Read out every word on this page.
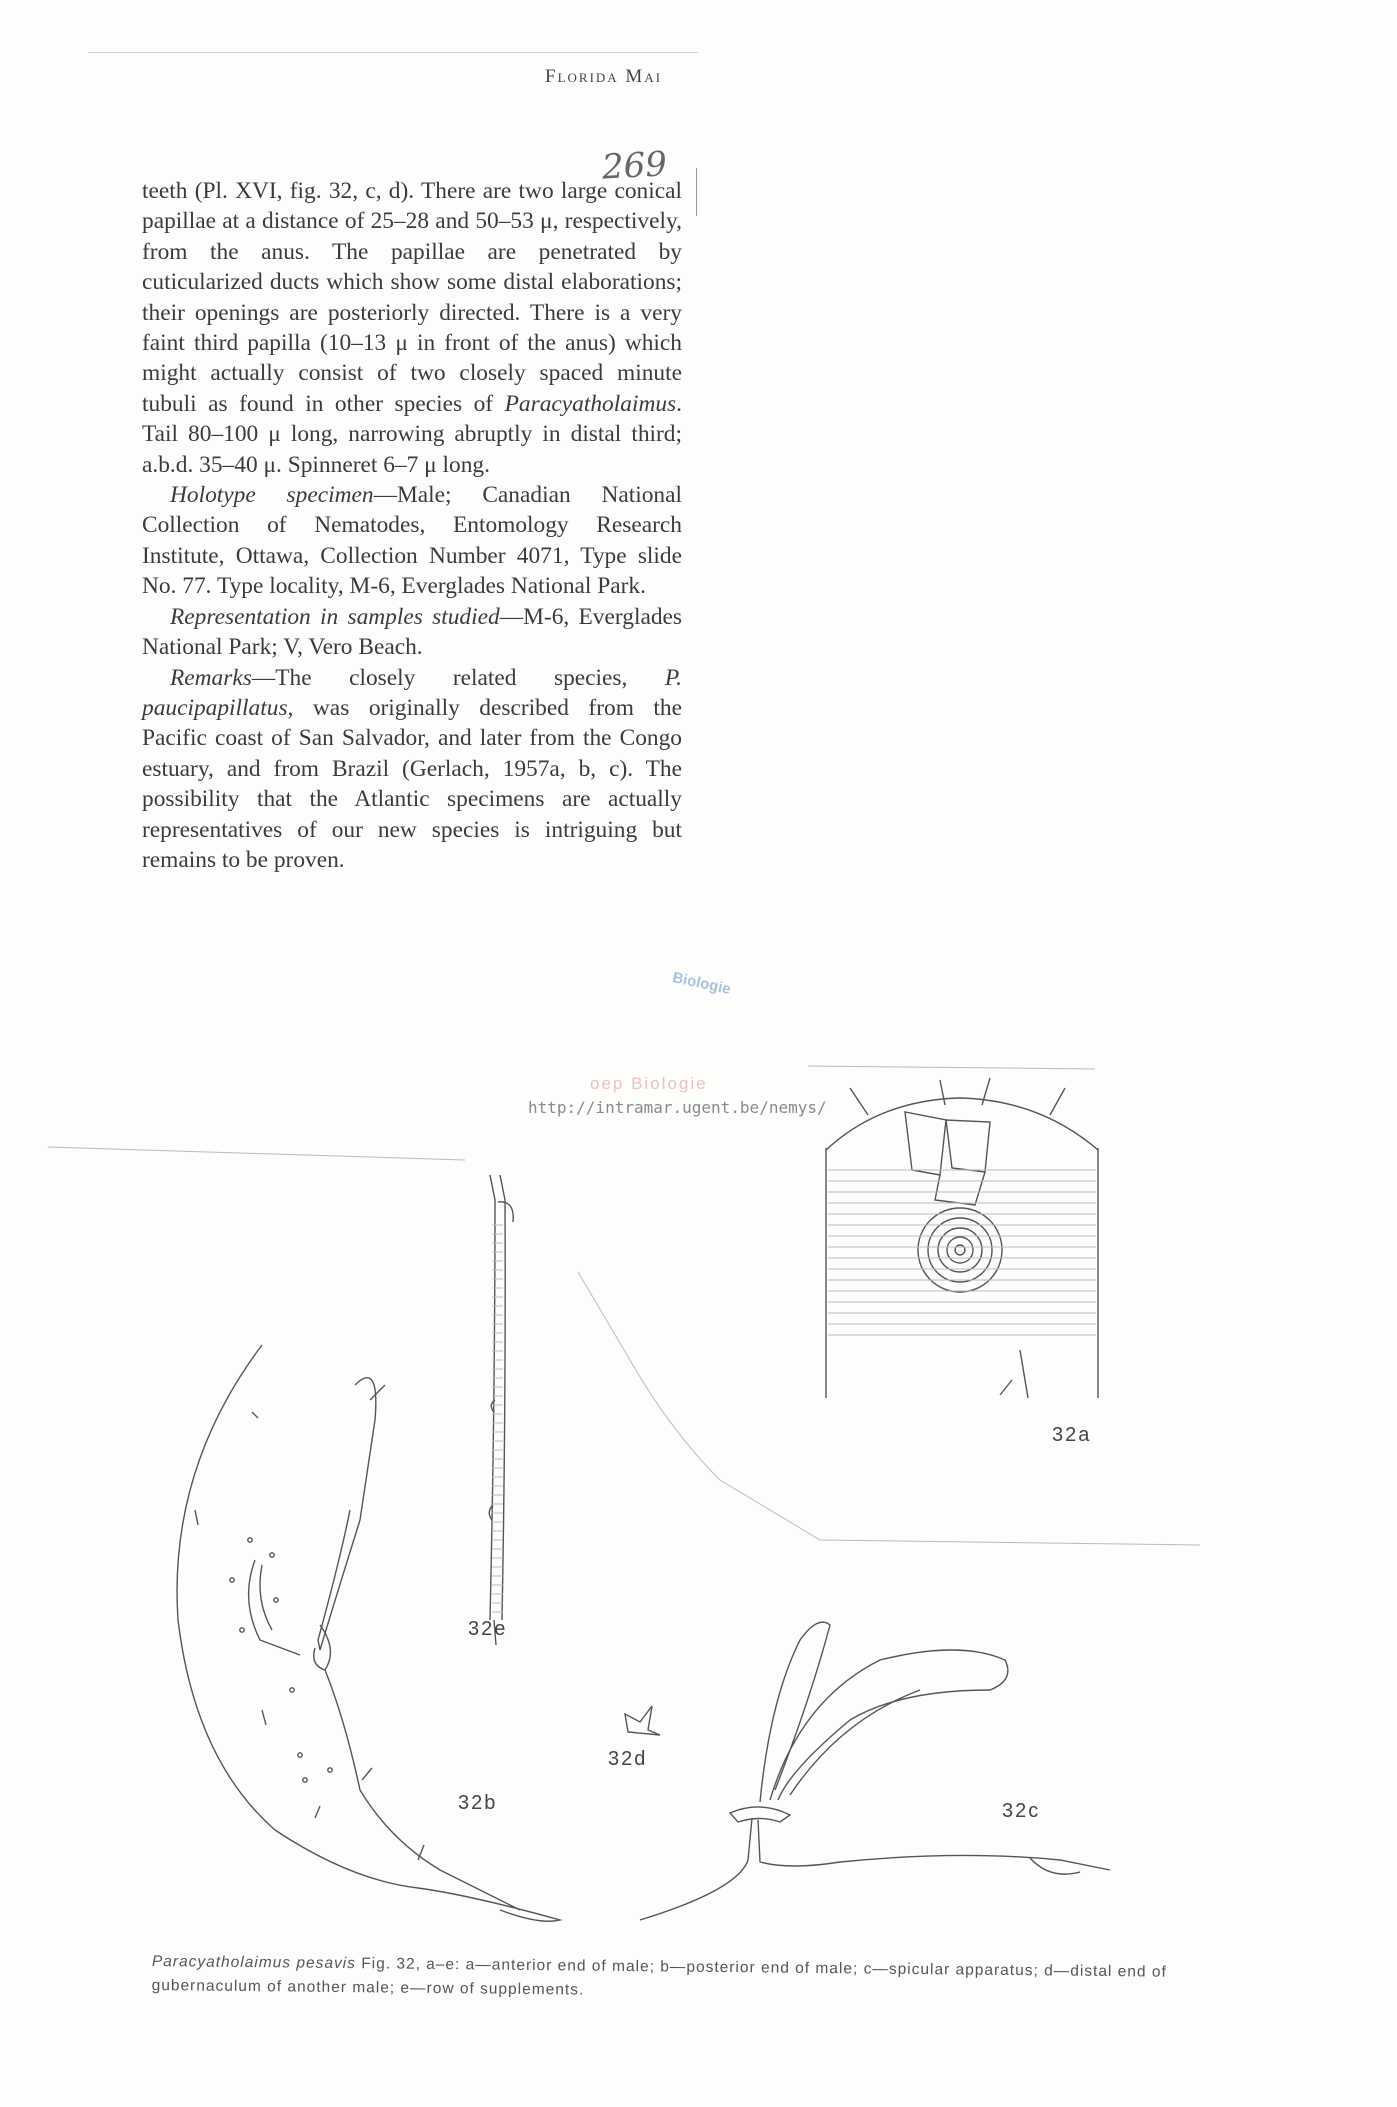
Florida Maı
269

teeth (Pl. XVI, fig. 32, c, d). There are two large conical papillae at a distance of 25–28 and 50–53 μ, respectively, from the anus. The papillae are penetrated by cuticularized ducts which show some distal elaborations; their openings are posteriorly directed. There is a very faint third papilla (10–13 μ in front of the anus) which might actually consist of two closely spaced minute tubuli as found in other species of Paracyatholaimus. Tail 80–100 μ long, narrowing abruptly in distal third; a.b.d. 35–40 μ. Spinneret 6–7 μ long.

Holotype specimen—Male; Canadian National Collection of Nematodes, Entomology Research Institute, Ottawa, Collection Number 4071, Type slide No. 77. Type locality, M-6, Everglades National Park.

Representation in samples studied—M-6, Everglades National Park; V, Vero Beach.

Remarks—The closely related species, P. paucipapillatus, was originally described from the Pacific coast of San Salvador, and later from the Congo estuary, and from Brazil (Gerlach, 1957a, b, c). The possibility that the Atlantic specimens are actually representatives of our new species is intriguing but remains to be proven.

Biologie
oep Biologie
http://intramar.ugent.be/nemys/
32a
32e
32b
32d
32c
Paracyatholaimus pesavis Fig. 32, a–e: a—anterior end of male; b—posterior end of male; c—spicular apparatus; d—distal end of gubernaculum of another male; e—row of supplements.
